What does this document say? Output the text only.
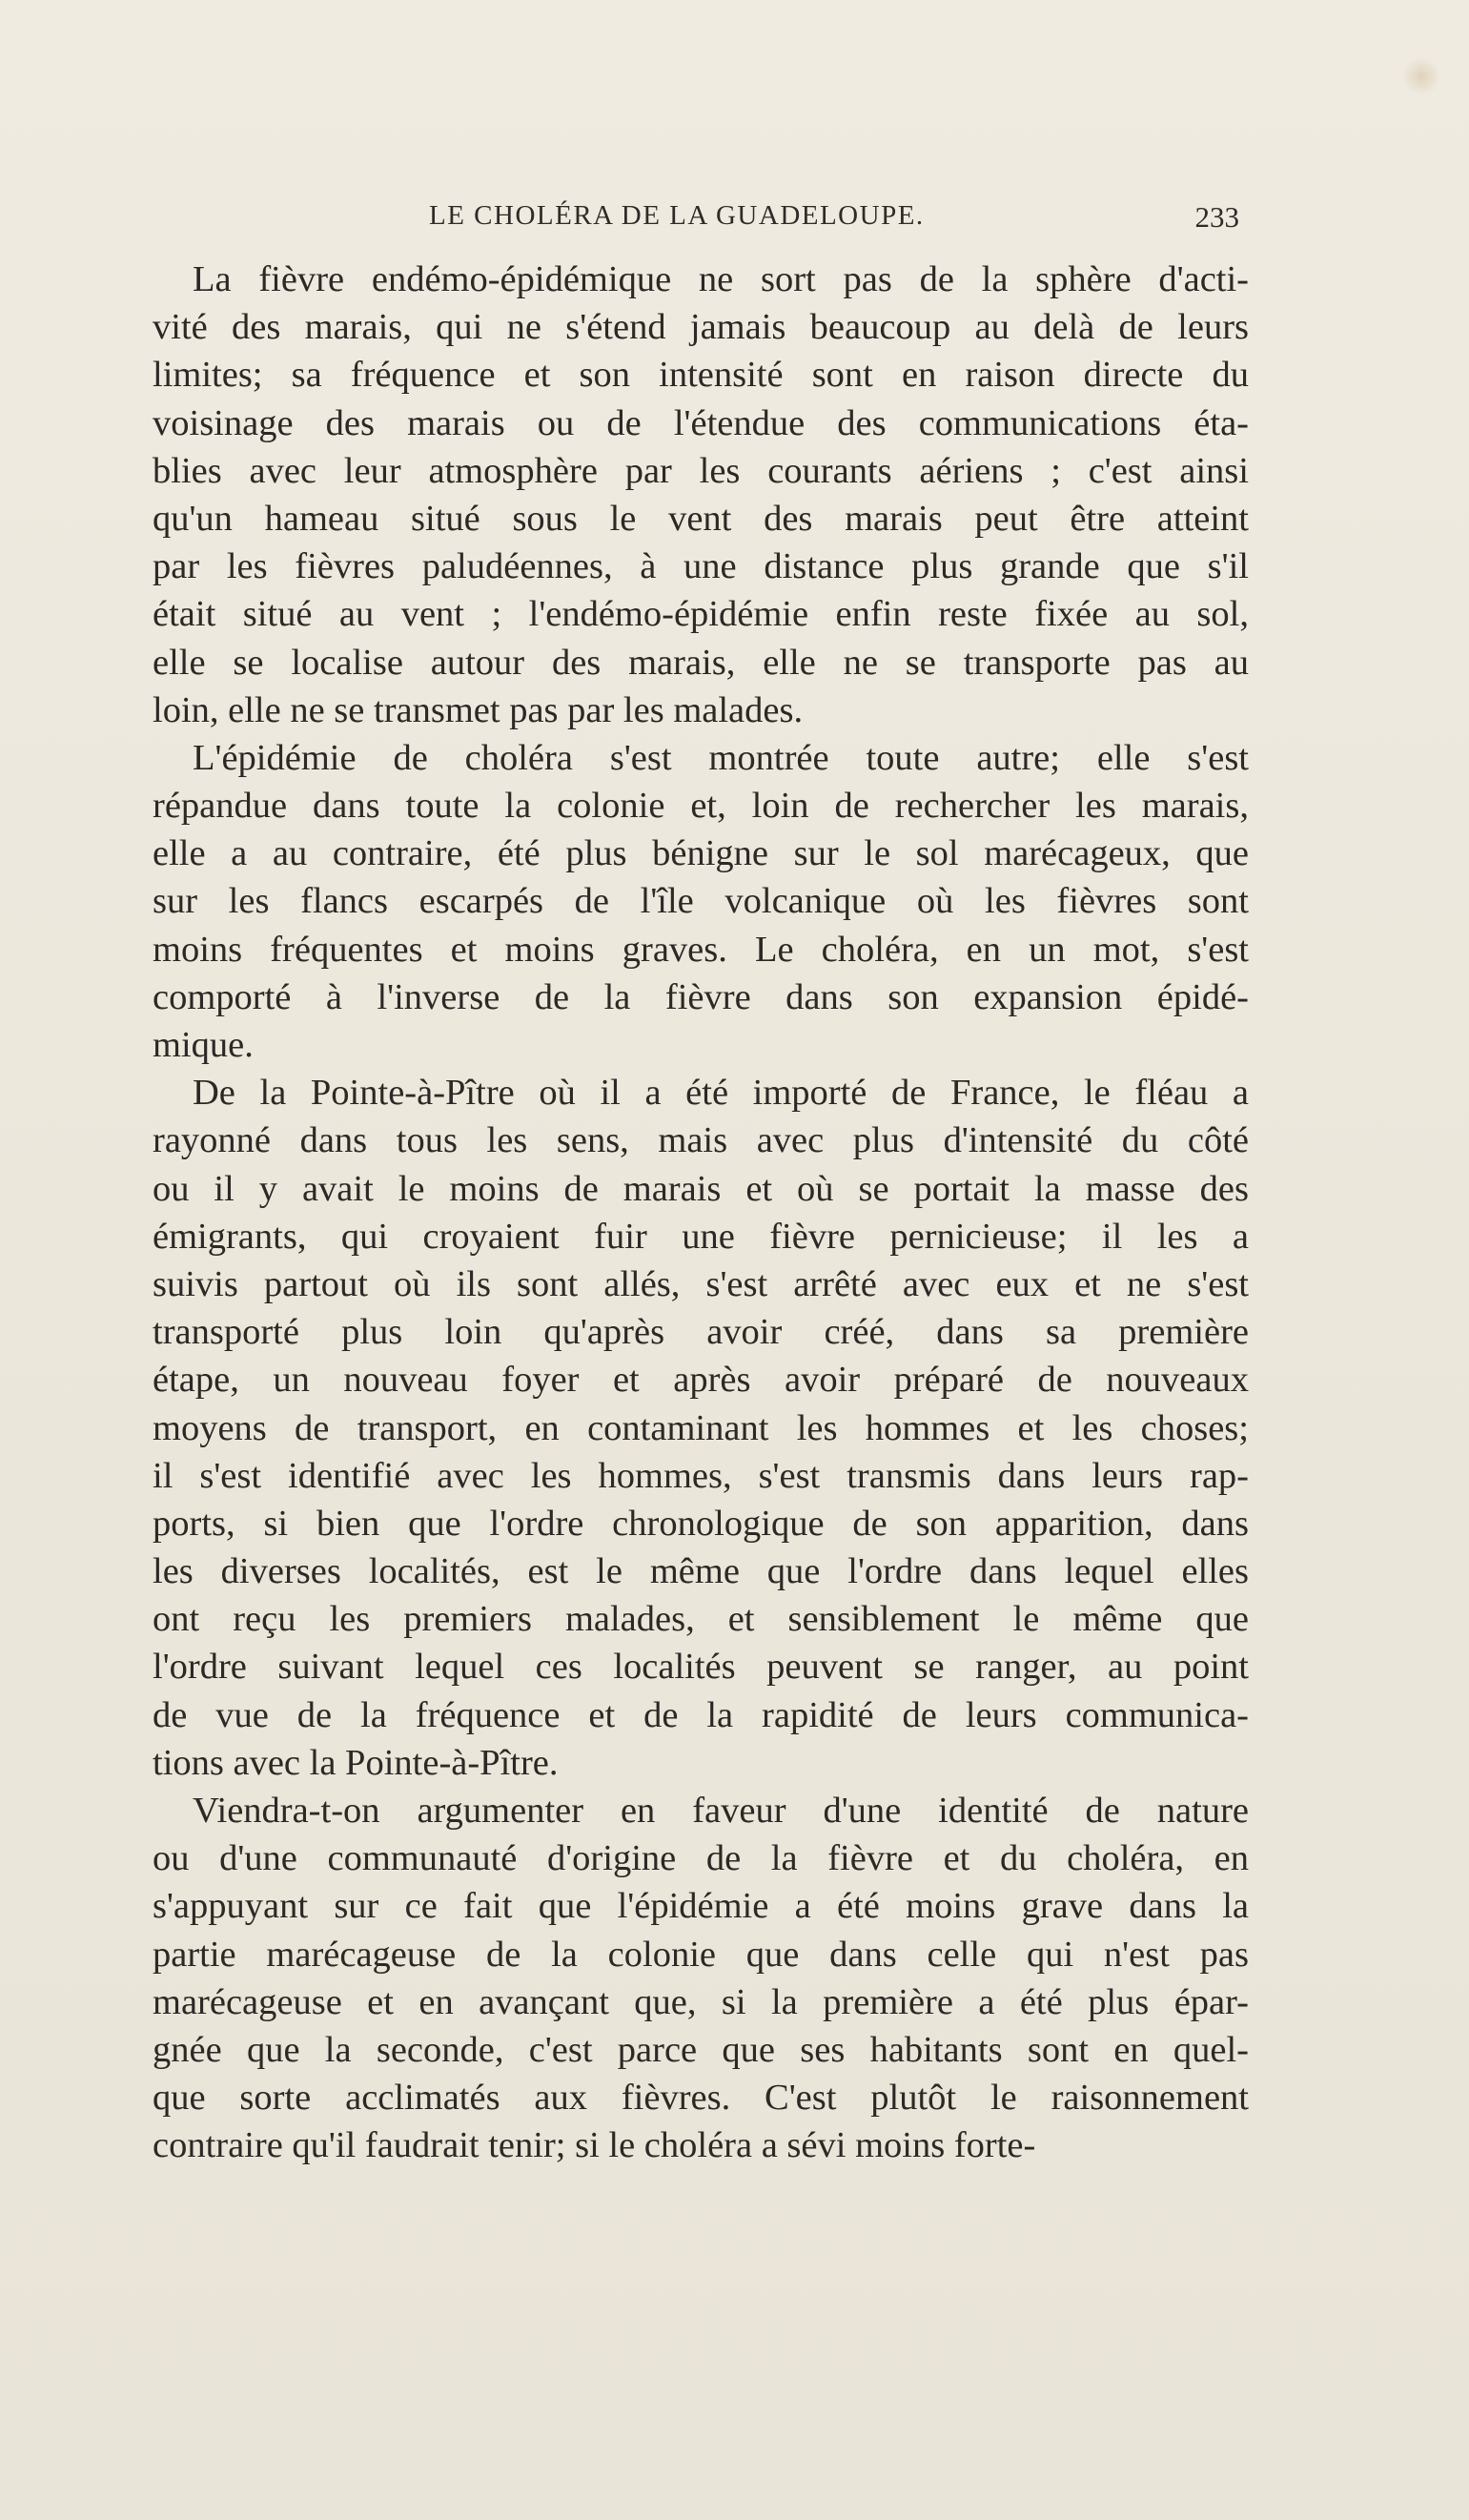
LE CHOLÉRA DE LA GUADELOUPE.	233
La fièvre endémo-épidémique ne sort pas de la sphère d'acti-
vité des marais, qui ne s'étend jamais beaucoup au delà de leurs
limites; sa fréquence et son intensité sont en raison directe du
voisinage des marais ou de l'étendue des communications éta-
blies avec leur atmosphère par les courants aériens ; c'est ainsi
qu'un hameau situé sous le vent des marais peut être atteint
par les fièvres paludéennes, à une distance plus grande que s'il
était situé au vent ; l'endémo-épidémie enfin reste fixée au sol,
elle se localise autour des marais, elle ne se transporte pas au
loin, elle ne se transmet pas par les malades.
L'épidémie de choléra s'est montrée toute autre; elle s'est
répandue dans toute la colonie et, loin de rechercher les marais,
elle a au contraire, été plus bénigne sur le sol marécageux, que
sur les flancs escarpés de l'île volcanique où les fièvres sont
moins fréquentes et moins graves. Le choléra, en un mot, s'est
comporté à l'inverse de la fièvre dans son expansion épidé-
mique.
De la Pointe-à-Pître où il a été importé de France, le fléau a
rayonné dans tous les sens, mais avec plus d'intensité du côté
ou il y avait le moins de marais et où se portait la masse des
émigrants, qui croyaient fuir une fièvre pernicieuse; il les a
suivis partout où ils sont allés, s'est arrêté avec eux et ne s'est
transporté plus loin qu'après avoir créé, dans sa première
étape, un nouveau foyer et après avoir préparé de nouveaux
moyens de transport, en contaminant les hommes et les choses;
il s'est identifié avec les hommes, s'est transmis dans leurs rap-
ports, si bien que l'ordre chronologique de son apparition, dans
les diverses localités, est le même que l'ordre dans lequel elles
ont reçu les premiers malades, et sensiblement le même que
l'ordre suivant lequel ces localités peuvent se ranger, au point
de vue de la fréquence et de la rapidité de leurs communica-
tions avec la Pointe-à-Pître.
Viendra-t-on argumenter en faveur d'une identité de nature
ou d'une communauté d'origine de la fièvre et du choléra, en
s'appuyant sur ce fait que l'épidémie a été moins grave dans la
partie marécageuse de la colonie que dans celle qui n'est pas
marécageuse et en avançant que, si la première a été plus épar-
gnée que la seconde, c'est parce que ses habitants sont en quel-
que sorte acclimatés aux fièvres. C'est plutôt le raisonnement
contraire qu'il faudrait tenir; si le choléra a sévi moins forte-
